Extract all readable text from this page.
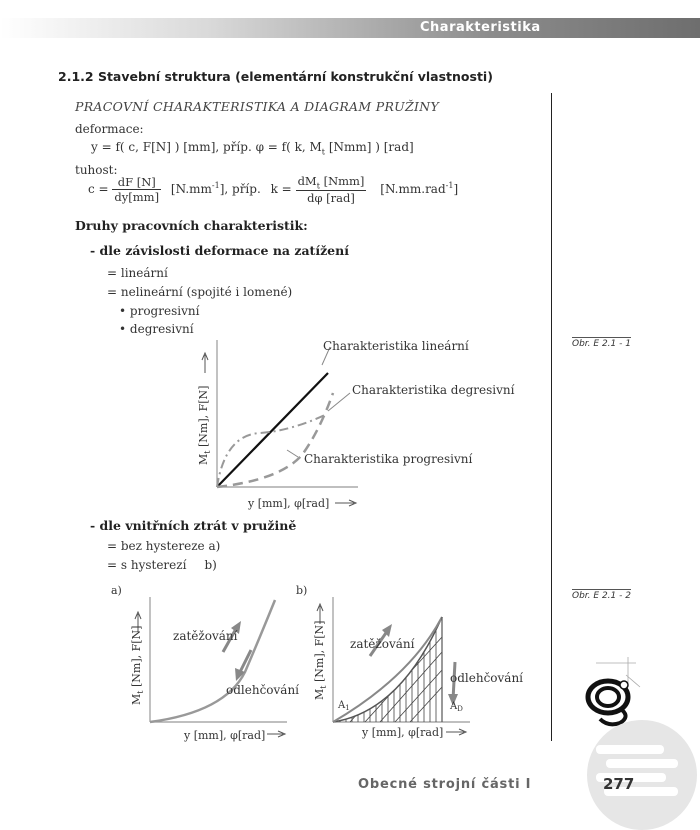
Charakteristika
2.1.2 Stavební struktura (elementární konstrukční vlastnosti)
PRACOVNÍ CHARAKTERISTIKA A DIAGRAM PRUŽINY
deformace:
y = f( c, F[N] ) [mm], příp. φ = f( k, $M_t$ [Nmm] ) [rad]
tuhost:
$c = \frac{dF [N]}{dy[mm]} [N.mm^{-1}]$, příp. $k = \frac{dM_t [Nmm]}{\text{dφ [rad]}} [N.mm.rad^{-1}]$
Druhy pracovních charakteristik:
- dle závislosti deformace na zatížení
= lineární
= nelineární (spojité i lomené)
• progresivní
• degresivní
$M_t$ [Nm], F[N]
Charakteristika lineární
Charakteristika degresivní
Charakteristika progresivní
y [mm], φ[rad]
Obr. E 2.1 - 1
- dle vnitřních ztrát v pružině
= bez hystereze a)
= s hysterezí b)
a)
$M_t$ [Nm], F[N]	zatěžování
odlehčování
y [mm], φ[rad]
b)
$M_t$ [Nm], F[N] zatěžování
odlehčování
$A_1$	$A_D$
y [mm], φ[rad]
Obr. E 2.1 - 2
Obecné strojní části I	277
